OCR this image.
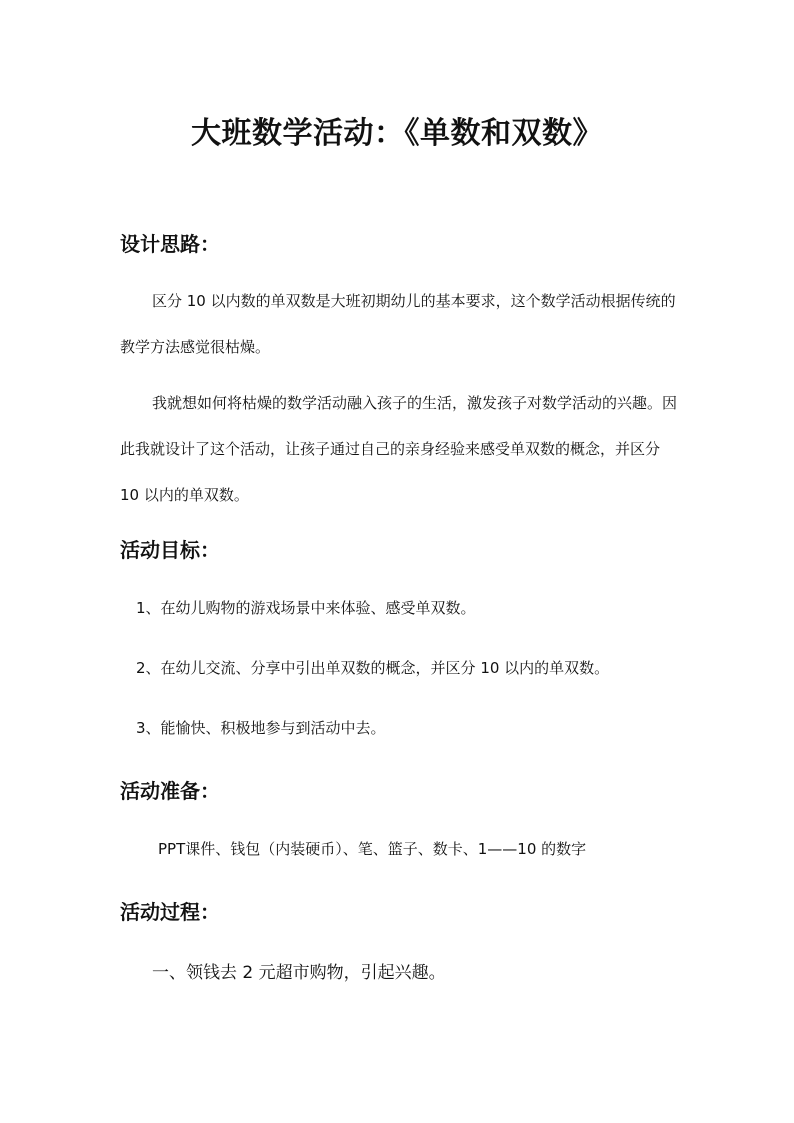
大班数学活动：《单数和双数》
设计思路：

区分 10 以内数的单双数是大班初期幼儿的基本要求，这个数学活动根据传统的教学方法感觉很枯燥。

我就想如何将枯燥的数学活动融入孩子的生活，激发孩子对数学活动的兴趣。因此我就设计了这个活动，让孩子通过自己的亲身经验来感受单双数的概念，并区分 10 以内的单双数。

活动目标：

1、在幼儿购物的游戏场景中来体验、感受单双数。

2、在幼儿交流、分享中引出单双数的概念，并区分 10 以内的单双数。

3、能愉快、积极地参与到活动中去。

活动准备：

PPT课件、钱包（内装硬币）、笔、篮子、数卡、1——10 的数字

活动过程：

一、领钱去 2 元超市购物，引起兴趣。
